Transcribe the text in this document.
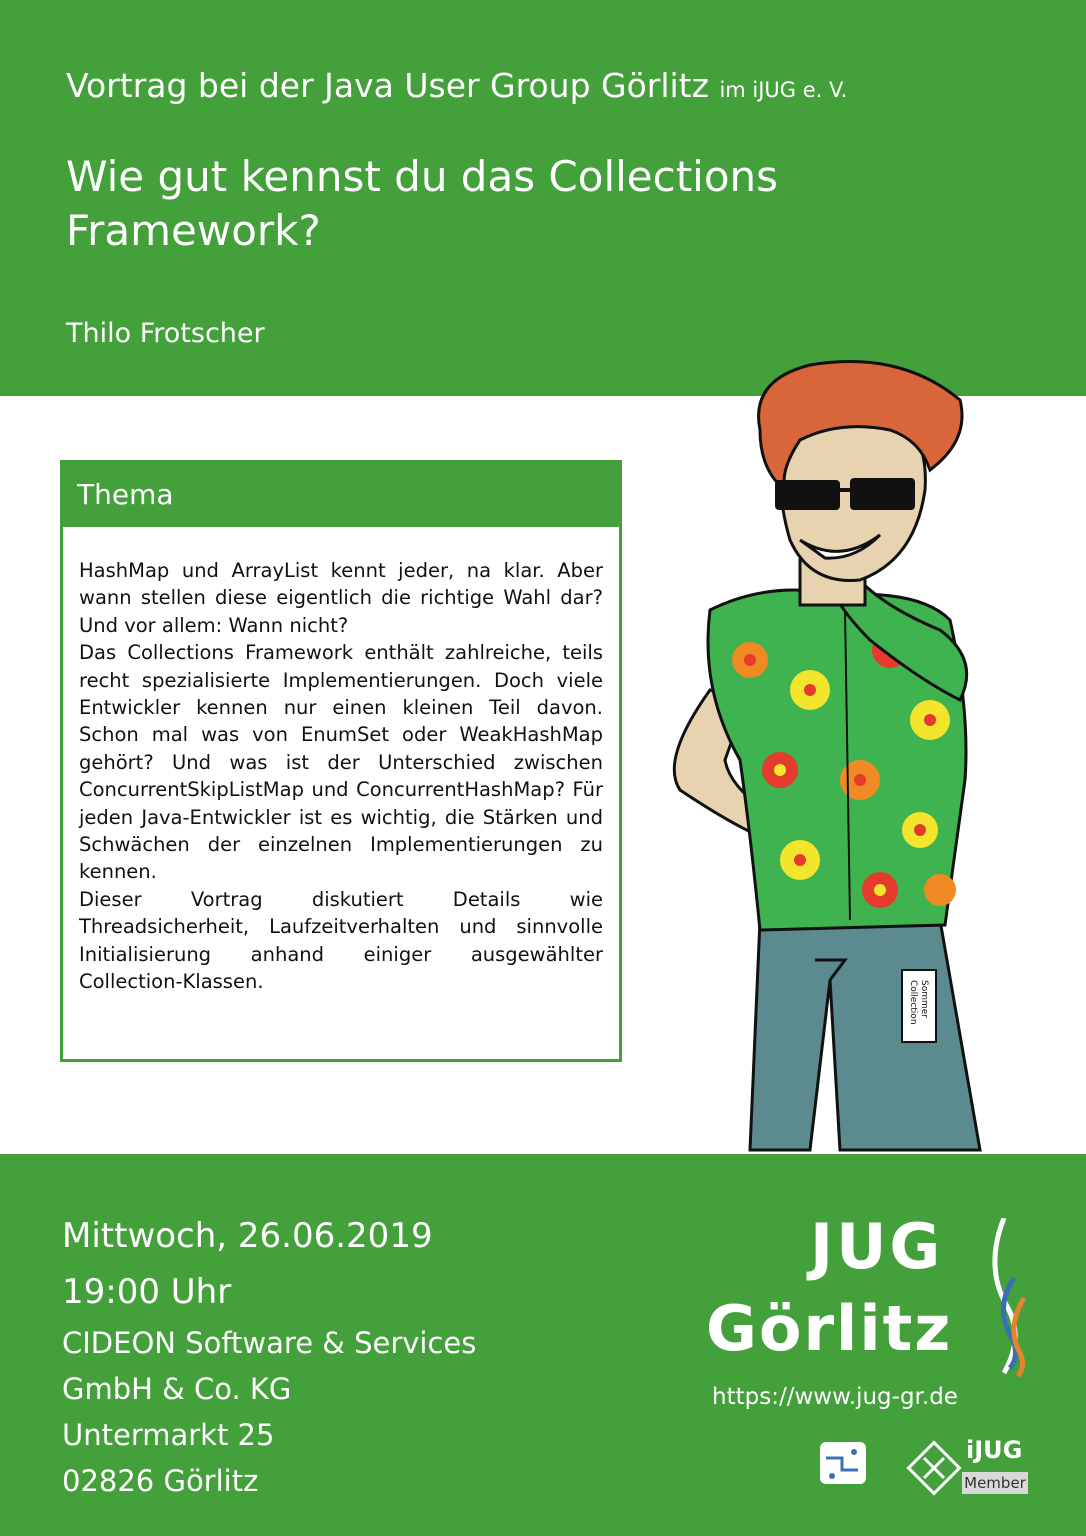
Vortrag bei der Java User Group Görlitz im iJUG e. V.
Wie gut kennst du das Collections Framework?
Thilo Frotscher
Thema

HashMap und ArrayList kennt jeder, na klar. Aber wann stellen diese eigentlich die richtige Wahl dar? Und vor allem: Wann nicht?

Das Collections Framework enthält zahlreiche, teils recht spezialisierte Implementierungen. Doch viele Entwickler kennen nur einen kleinen Teil davon. Schon mal was von EnumSet oder WeakHashMap gehört? Und was ist der Unterschied zwischen ConcurrentSkipListMap und ConcurrentHashMap? Für jeden Java-Entwickler ist es wichtig, die Stärken und Schwächen der einzelnen Implementierungen zu kennen.

Dieser Vortrag diskutiert Details wie Threadsicherheit, Laufzeitverhalten und sinnvolle Initialisierung anhand einiger ausgewählter Collection-Klassen.	Sommer
Collection
Mittwoch, 26.06.2019
19:00 Uhr
CIDEON Software & Services
GmbH & Co. KG
Untermarkt 25
02826 Görlitz
JUG
Görlitz
https://www.jug-gr.de
iJUG
Member
